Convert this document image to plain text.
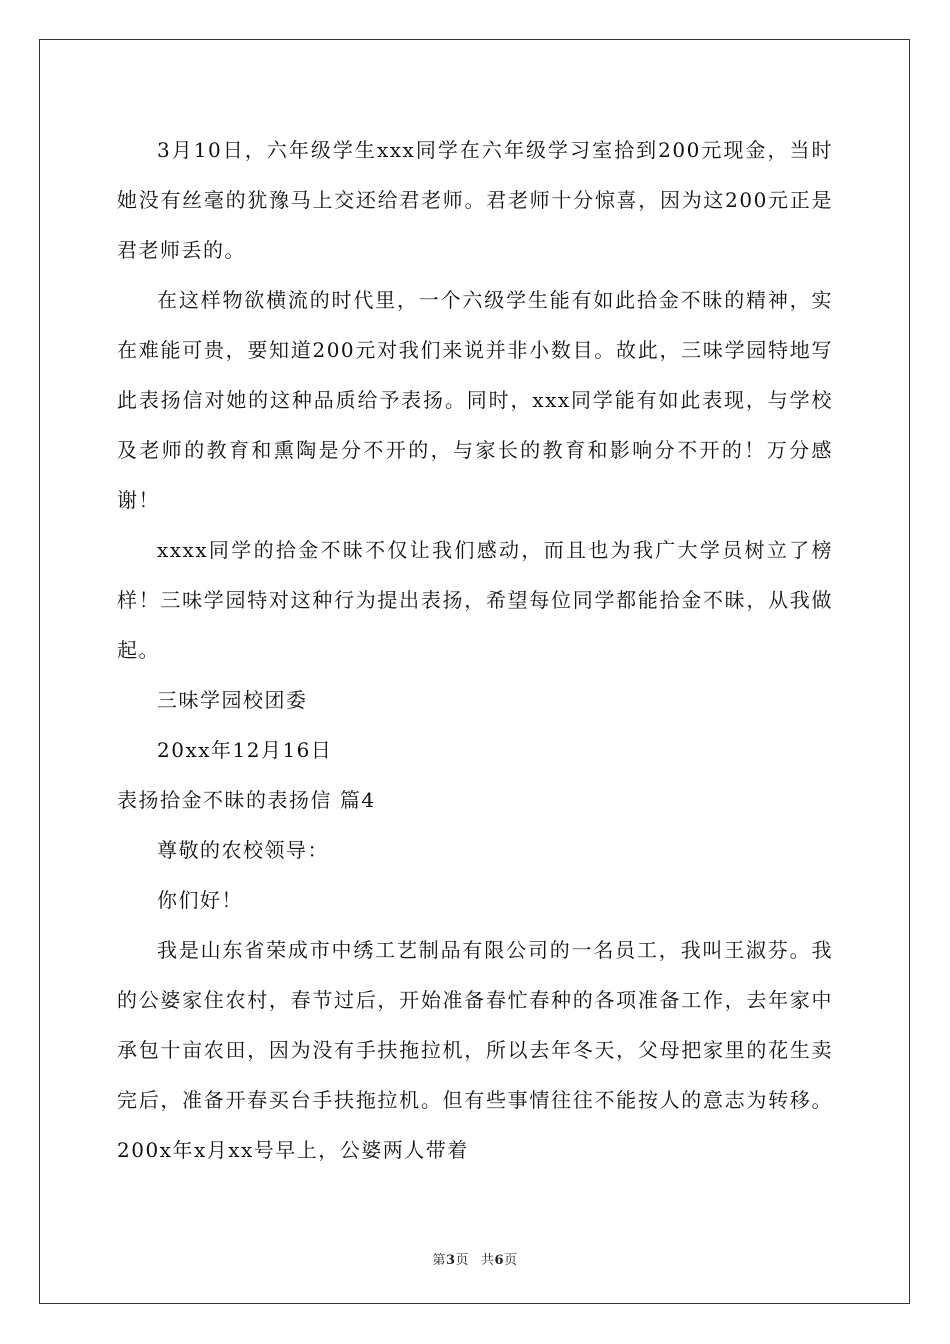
3月10日，六年级学生xxx同学在六年级学习室拾到200元现金，当时她没有丝毫的犹豫马上交还给君老师。君老师十分惊喜，因为这200元正是君老师丢的。

在这样物欲横流的时代里，一个六级学生能有如此拾金不昧的精神，实在难能可贵，要知道200元对我们来说并非小数目。故此，三味学园特地写此表扬信对她的这种品质给予表扬。同时，xxx同学能有如此表现，与学校及老师的教育和熏陶是分不开的，与家长的教育和影响分不开的！万分感谢！

xxxx同学的拾金不昧不仅让我们感动，而且也为我广大学员树立了榜样！三味学园特对这种行为提出表扬，希望每位同学都能拾金不昧，从我做起。

三味学园校团委

20xx年12月16日

表扬拾金不昧的表扬信 篇4

尊敬的农校领导：

你们好！

我是山东省荣成市中绣工艺制品有限公司的一名员工，我叫王淑芬。我的公婆家住农村，春节过后，开始准备春忙春种的各项准备工作，去年家中承包十亩农田，因为没有手扶拖拉机，所以去年冬天，父母把家里的花生卖完后，准备开春买台手扶拖拉机。但有些事情往往不能按人的意志为转移。200x年x月xx号早上，公婆两人带着

第3页 共6页
